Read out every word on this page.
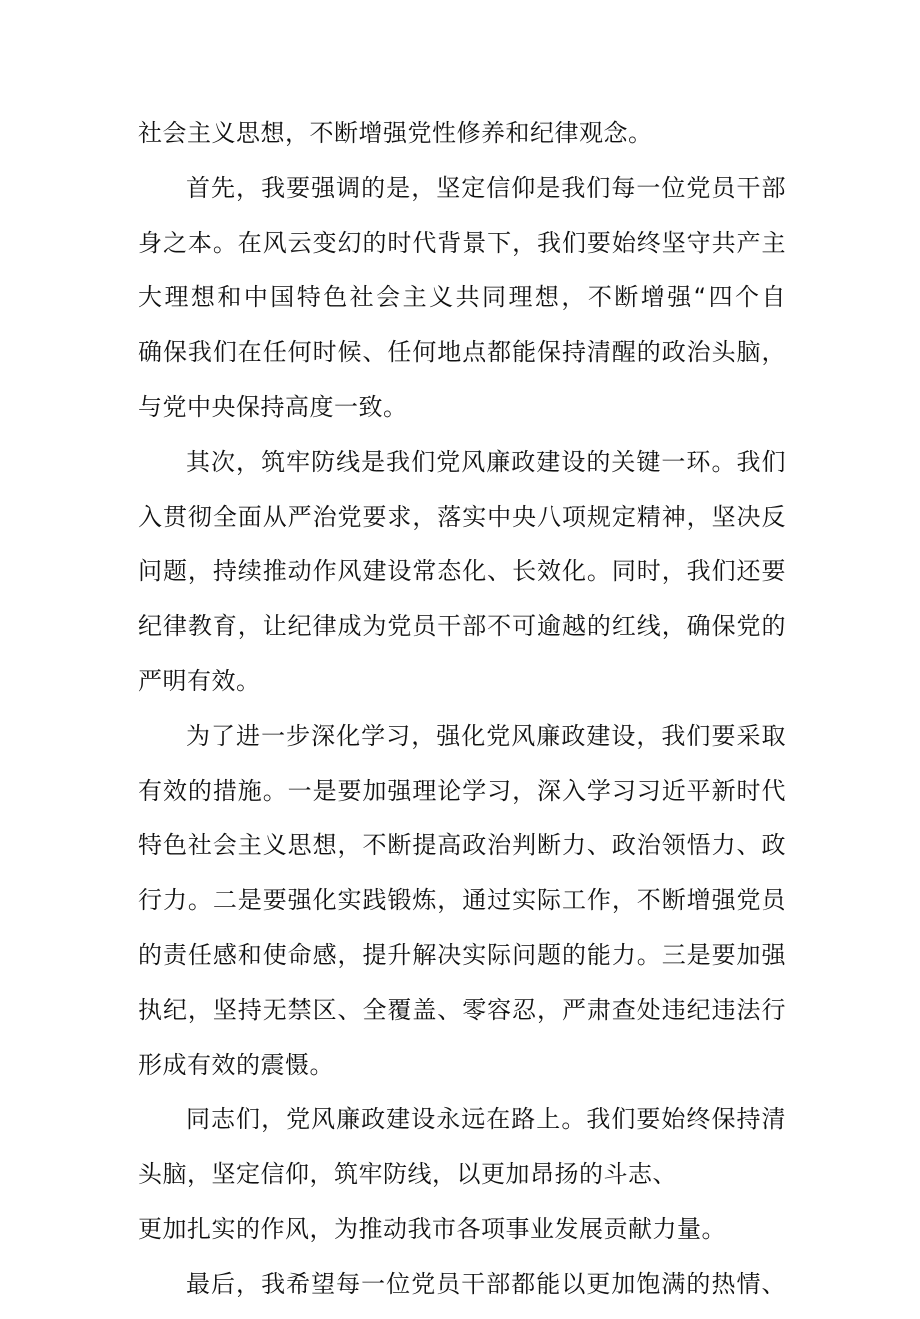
社会主义思想，不断增强党性修养和纪律观念。
首先，我要强调的是，坚定信仰是我们每一位党员干部
身之本。在风云变幻的时代背景下，我们要始终坚守共产主
大理想和中国特色社会主义共同理想，不断增强“四个自
确保我们在任何时候、任何地点都能保持清醒的政治头脑，
与党中央保持高度一致。
其次，筑牢防线是我们党风廉政建设的关键一环。我们
入贯彻全面从严治党要求，落实中央八项规定精神，坚决反
问题，持续推动作风建设常态化、长效化。同时，我们还要
纪律教育，让纪律成为党员干部不可逾越的红线，确保党的
严明有效。
为了进一步深化学习，强化党风廉政建设，我们要采取
有效的措施。一是要加强理论学习，深入学习习近平新时代
特色社会主义思想，不断提高政治判断力、政治领悟力、政
行力。二是要强化实践锻炼，通过实际工作，不断增强党员
的责任感和使命感，提升解决实际问题的能力。三是要加强
执纪，坚持无禁区、全覆盖、零容忍，严肃查处违纪违法行
形成有效的震慑。
同志们，党风廉政建设永远在路上。我们要始终保持清
头脑，坚定信仰，筑牢防线，以更加昂扬的斗志、
更加扎实的作风，为推动我市各项事业发展贡献力量。
最后，我希望每一位党员干部都能以更加饱满的热情、
